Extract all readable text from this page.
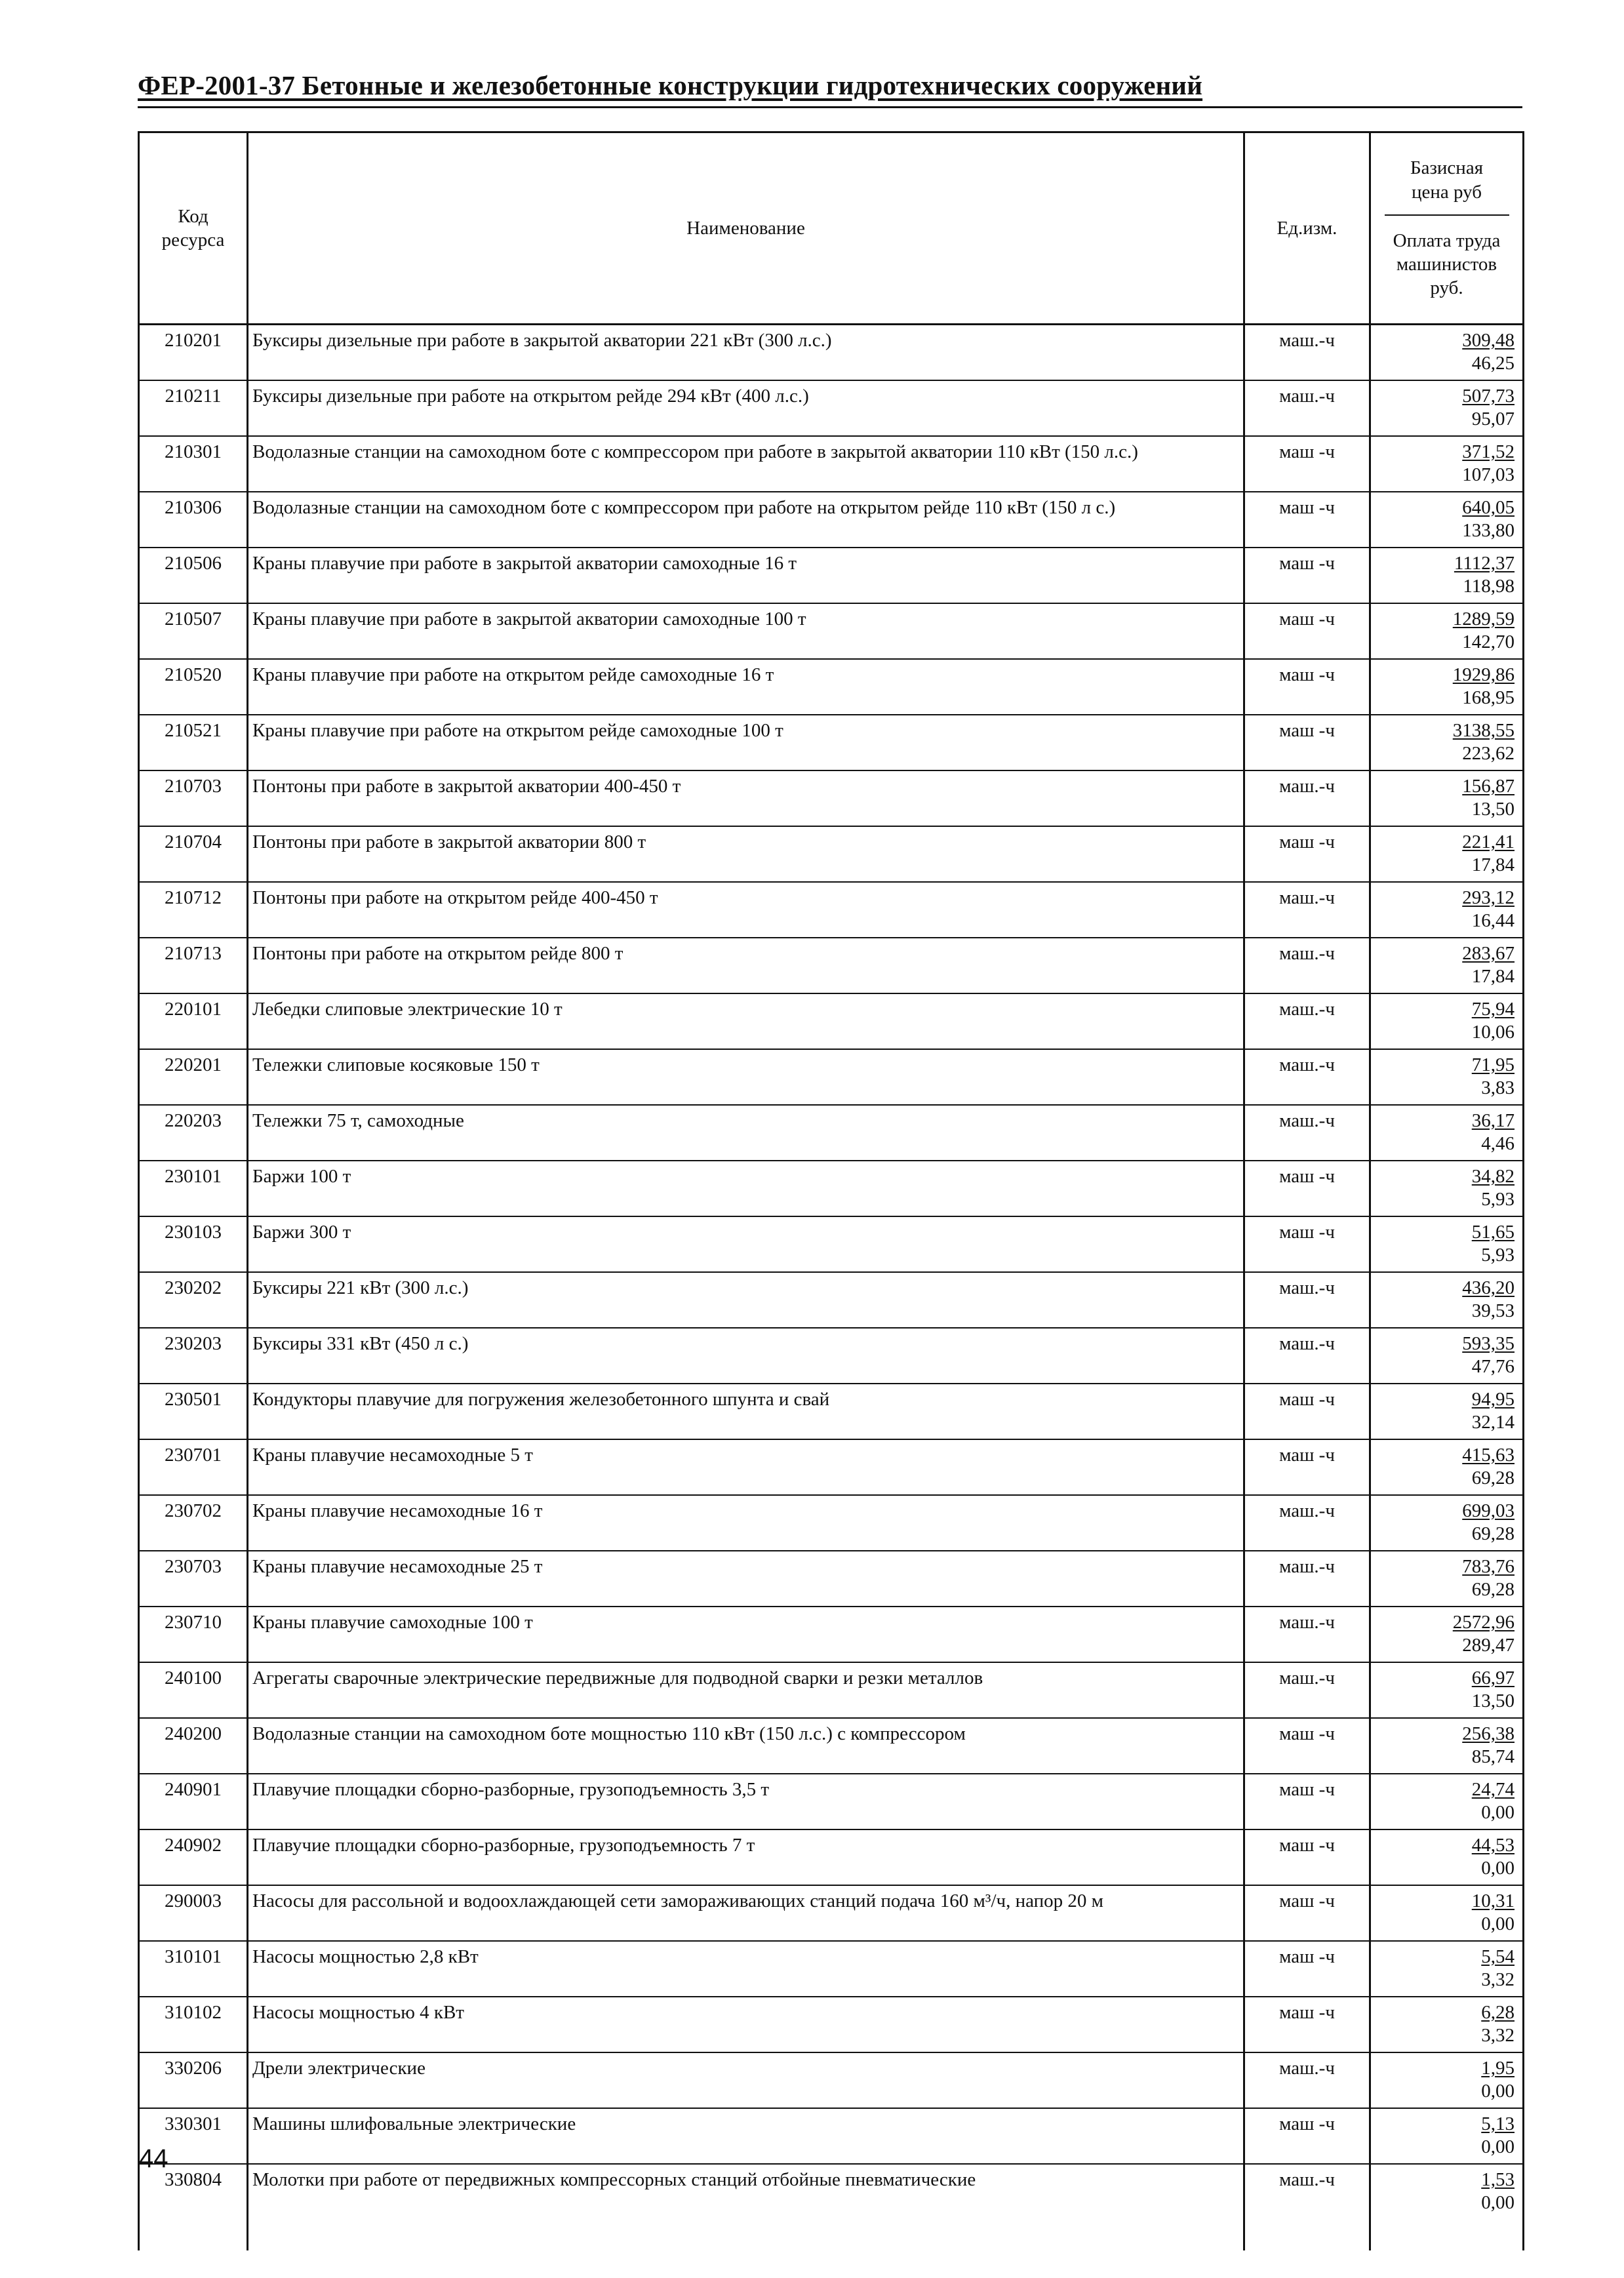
ФЕР-2001-37 Бетонные и железобетонные конструкции гидротехнических сооружений
Код ресурса	Наименование	Ед.изм.	Базисная цена руб
Оплата труда машинистов руб.

210201	Буксиры дизельные при работе в закрытой акватории 221 кВт (300 л.с.)	маш.-ч	309,48
46,25

210211	Буксиры дизельные при работе на открытом рейде 294 кВт (400 л.с.)	маш.-ч	507,73
95,07

210301	Водолазные станции на самоходном боте с компрессором при работе в закрытой акватории 110 кВт (150 л.с.)	маш -ч	371,52
107,03

210306	Водолазные станции на самоходном боте с компрессором при работе на открытом рейде 110 кВт (150 л с.)	маш -ч	640,05
133,80

210506	Краны плавучие при работе в закрытой акватории самоходные 16 т	маш -ч	1112,37
118,98

210507	Краны плавучие при работе в закрытой акватории самоходные 100 т	маш -ч	1289,59
142,70

210520	Краны плавучие при работе на открытом рейде самоходные 16 т	маш -ч	1929,86
168,95

210521	Краны плавучие при работе на открытом рейде самоходные 100 т	маш -ч	3138,55
223,62

210703	Понтоны при работе в закрытой акватории 400-450 т	маш.-ч	156,87
13,50

210704	Понтоны при работе в закрытой акватории 800 т	маш -ч	221,41
17,84

210712	Понтоны при работе на открытом рейде 400-450 т	маш.-ч	293,12
16,44

210713	Понтоны при работе на открытом рейде 800 т	маш.-ч	283,67
17,84

220101	Лебедки слиповые электрические 10 т	маш.-ч	75,94
10,06

220201	Тележки слиповые косяковые 150 т	маш.-ч	71,95
3,83

220203	Тележки 75 т, самоходные	маш.-ч	36,17
4,46

230101	Баржи 100 т	маш -ч	34,82
5,93

230103	Баржи 300 т	маш -ч	51,65
5,93

230202	Буксиры 221 кВт (300 л.с.)	маш.-ч	436,20
39,53

230203	Буксиры 331 кВт (450 л с.)	маш.-ч	593,35
47,76

230501	Кондукторы плавучие для погружения железобетонного шпунта и свай	маш -ч	94,95
32,14

230701	Краны плавучие несамоходные 5 т	маш -ч	415,63
69,28

230702	Краны плавучие несамоходные 16 т	маш.-ч	699,03
69,28

230703	Краны плавучие несамоходные 25 т	маш.-ч	783,76
69,28

230710	Краны плавучие самоходные 100 т	маш.-ч	2572,96
289,47

240100	Агрегаты сварочные электрические передвижные для подводной сварки и резки металлов	маш.-ч	66,97
13,50

240200	Водолазные станции на самоходном боте мощностью 110 кВт (150 л.с.) с компрессором	маш -ч	256,38
85,74

240901	Плавучие площадки сборно-разборные, грузоподъемность 3,5 т	маш -ч	24,74
0,00

240902	Плавучие площадки сборно-разборные, грузоподъемность 7 т	маш -ч	44,53
0,00

290003	Насосы для рассольной и водоохлаждающей сети замораживающих станций подача 160 м³/ч, напор 20 м	маш -ч	10,31
0,00

310101	Насосы мощностью 2,8 кВт	маш -ч	5,54
3,32

310102	Насосы мощностью 4 кВт	маш -ч	6,28
3,32

330206	Дрели электрические	маш.-ч	1,95
0,00

330301	Машины шлифовальные электрические	маш -ч	5,13
0,00

330804	Молотки при работе от передвижных компрессорных станций отбойные пневматические	маш.-ч	1,53
0,00
44
